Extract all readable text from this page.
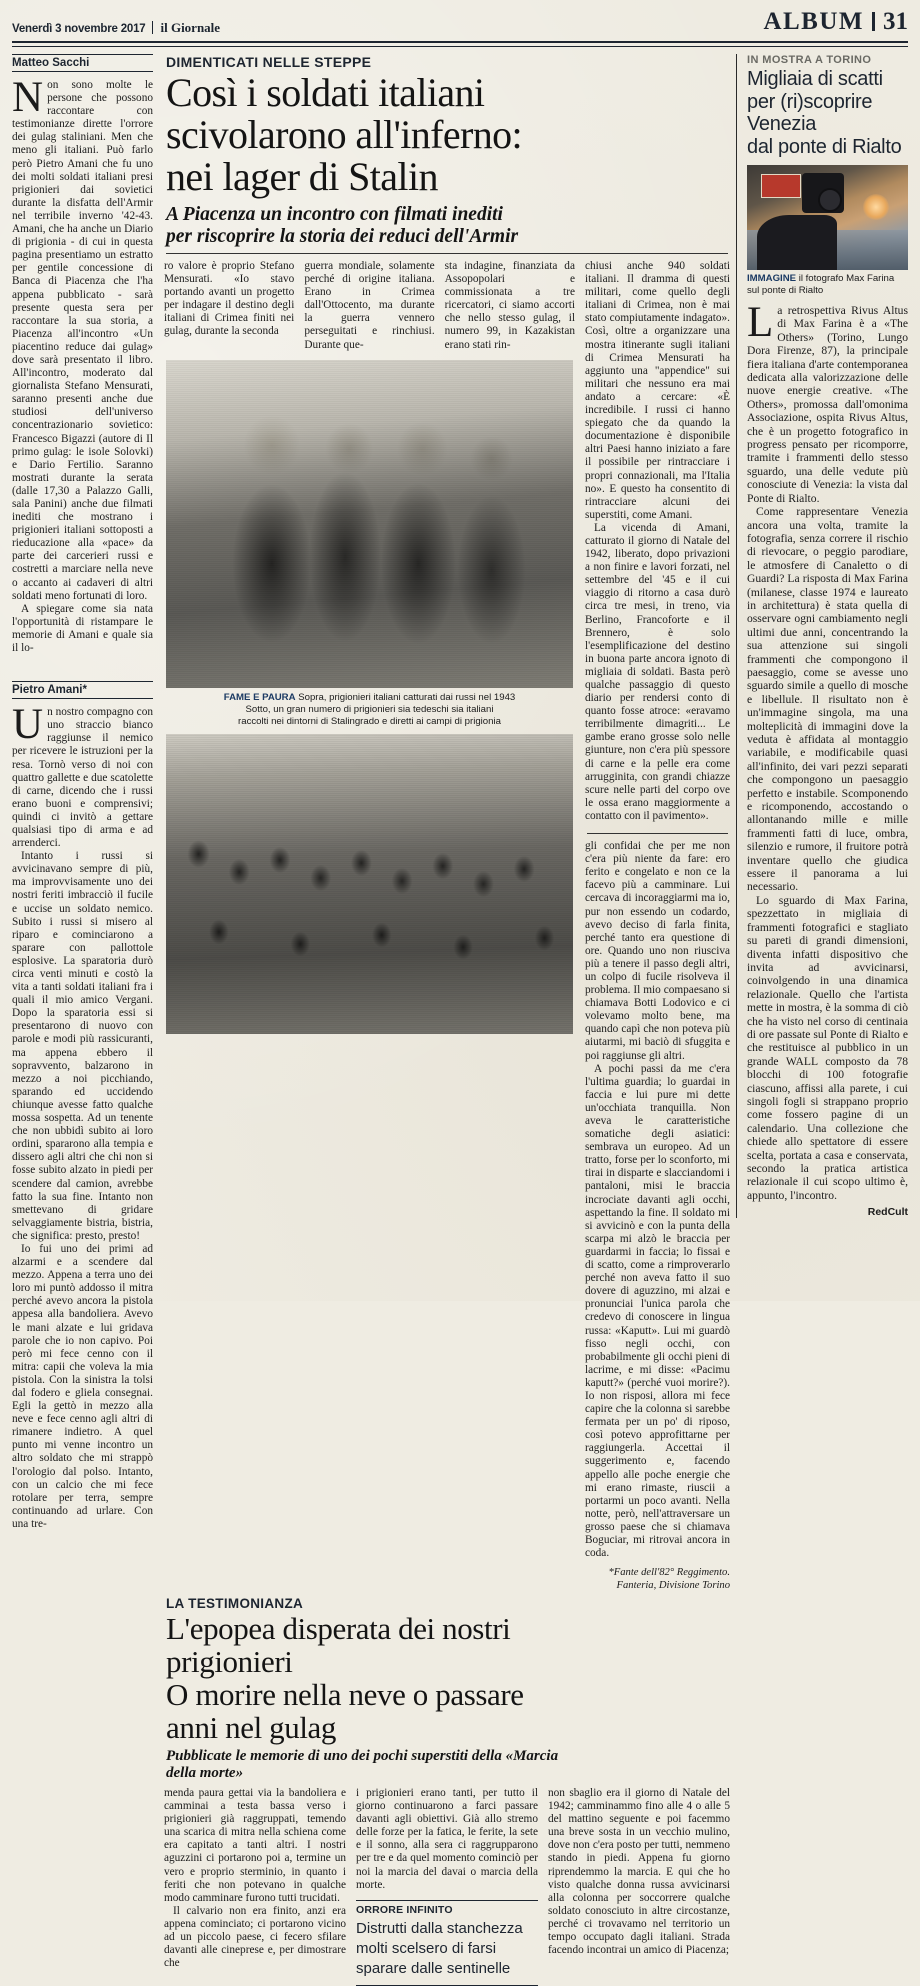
Venerdì 3 novembre 2017 il Giornale	ALBUM 31
Matteo Sacchi

Non sono molte le persone che possono raccontare con testimonianze dirette l'orrore dei gulag staliniani. Men che meno gli italiani. Può farlo però Pietro Amani che fu uno dei molti soldati italiani presi prigionieri dai sovietici durante la disfatta dell'Armir nel terribile inverno '42-43. Amani, che ha anche un Diario di prigionia - di cui in questa pagina presentiamo un estratto per gentile concessione di Banca di Piacenza che l'ha appena pubblicato - sarà presente questa sera per raccontare la sua storia, a Piacenza all'incontro «Un piacentino reduce dai gulag» dove sarà presentato il libro. All'incontro, moderato dal giornalista Stefano Mensurati, saranno presenti anche due studiosi dell'universo concentrazionario sovietico: Francesco Bigazzi (autore di Il primo gulag: le isole Solovki) e Dario Fertilio. Saranno mostrati durante la serata (dalle 17,30 a Palazzo Galli, sala Panini) anche due filmati inediti che mostrano i prigionieri italiani sottoposti a rieducazione alla «pace» da parte dei carcerieri russi e costretti a marciare nella neve o accanto ai cadaveri di altri soldati meno fortunati di loro.

A spiegare come sia nata l'opportunità di ristampare le memorie di Amani e quale sia il lo-

Pietro Amani*

Un nostro compagno con uno straccio bianco raggiunse il nemico per ricevere le istruzioni per la resa. Tornò verso di noi con quattro gallette e due scatolette di carne, dicendo che i russi erano buoni e comprensivi; quindi ci invitò a gettare qualsiasi tipo di arma e ad arrenderci.

Intanto i russi si avvicinavano sempre di più, ma improvvisamente uno dei nostri feriti imbracciò il fucile e uccise un soldato nemico. Subito i russi si misero al riparo e cominciarono a sparare con pallottole esplosive. La sparatoria durò circa venti minuti e costò la vita a tanti soldati italiani fra i quali il mio amico Vergani. Dopo la sparatoria essi si presentarono di nuovo con parole e modi più rassicuranti, ma appena ebbero il sopravvento, balzarono in mezzo a noi picchiando, sparando ed uccidendo chiunque avesse fatto qualche mossa sospetta. Ad un tenente che non ubbidì subito ai loro ordini, spararono alla tempia e dissero agli altri che chi non si fosse subito alzato in piedi per scendere dal camion, avrebbe fatto la sua fine. Intanto non smettevano di gridare selvaggiamente bistria, bistria, che significa: presto, presto!

Io fui uno dei primi ad alzarmi e a scendere dal mezzo. Appena a terra uno dei loro mi puntò addosso il mitra perché avevo ancora la pistola appesa alla bandoliera. Avevo le mani alzate e lui gridava parole che io non capivo. Poi però mi fece cenno con il mitra: capii che voleva la mia pistola. Con la sinistra la tolsi dal fodero e gliela consegnai. Egli la gettò in mezzo alla neve e fece cenno agli altri di rimanere indietro. A quel punto mi venne incontro un altro soldato che mi strappò l'orologio dal polso. Intanto, con un calcio che mi fece rotolare per terra, sempre continuando ad urlare. Con una tre-

DIMENTICATI NELLE STEPPE
Così i soldati italiani
scivolarono all'inferno:
nei lager di Stalin
A Piacenza un incontro con filmati inediti
per riscoprire la storia dei reduci dell'Armir

ro valore è proprio Stefano Mensurati. «Io stavo portando avanti un progetto per indagare il destino degli italiani di Crimea finiti nei gulag, durante la seconda

guerra mondiale, solamente perché di origine italiana. Erano in Crimea dall'Ottocento, ma durante la guerra vennero perseguitati e rinchiusi. Durante que-

sta indagine, finanziata da Assopopolari e commissionata a tre ricercatori, ci siamo accorti che nello stesso gulag, il numero 99, in Kazakistan erano stati rin-

FAME E PAURA Sopra, prigionieri italiani catturati dai russi nel 1943
Sotto, un gran numero di prigionieri sia tedeschi sia italiani
raccolti nei dintorni di Stalingrado e diretti ai campi di prigionia

chiusi anche 940 soldati italiani. Il dramma di questi militari, come quello degli italiani di Crimea, non è mai stato compiutamente indagato». Così, oltre a organizzare una mostra itinerante sugli italiani di Crimea Mensurati ha aggiunto una "appendice" sui militari che nessuno era mai andato a cercare: «È incredibile. I russi ci hanno spiegato che da quando la documentazione è disponibile altri Paesi hanno iniziato a fare il possibile per rintracciare i propri connazionali, ma l'Italia no». E questo ha consentito di rintracciare alcuni dei superstiti, come Amani.

La vicenda di Amani, catturato il giorno di Natale del 1942, liberato, dopo privazioni a non finire e lavori forzati, nel settembre del '45 e il cui viaggio di ritorno a casa durò circa tre mesi, in treno, via Berlino, Francoforte e il Brennero, è solo l'esemplificazione del destino in buona parte ancora ignoto di migliaia di soldati. Basta però qualche passaggio di questo diario per rendersi conto di quanto fosse atroce: «eravamo terribilmente dimagriti... Le gambe erano grosse solo nelle giunture, non c'era più spessore di carne e la pelle era come arrugginita, con grandi chiazze scure nelle parti del corpo ove le ossa erano maggiormente a contatto con il pavimento».

gli confidai che per me non c'era più niente da fare: ero ferito e congelato e non ce la facevo più a camminare. Lui cercava di incoraggiarmi ma io, pur non essendo un codardo, avevo deciso di farla finita, perché tanto era questione di ore. Quando uno non riusciva più a tenere il passo degli altri, un colpo di fucile risolveva il problema. Il mio compaesano si chiamava Botti Lodovico e ci volevamo molto bene, ma quando capì che non poteva più aiutarmi, mi baciò di sfuggita e poi raggiunse gli altri.

A pochi passi da me c'era l'ultima guardia; lo guardai in faccia e lui pure mi dette un'occhiata tranquilla. Non aveva le caratteristiche somatiche degli asiatici: sembrava un europeo. Ad un tratto, forse per lo sconforto, mi tirai in disparte e slacciandomi i pantaloni, misi le braccia incrociate davanti agli occhi, aspettando la fine. Il soldato mi si avvicinò e con la punta della scarpa mi alzò le braccia per guardarmi in faccia; lo fissai e di scatto, come a rimproverarlo perché non aveva fatto il suo dovere di aguzzino, mi alzai e pronunciai l'unica parola che credevo di conoscere in lingua russa: «Kaputt». Lui mi guardò fisso negli occhi, con probabilmente gli occhi pieni di lacrime, e mi disse: «Pacimu kaputt?» (perché vuoi morire?). Io non risposi, allora mi fece capire che la colonna si sarebbe fermata per un po' di riposo, così potevo approfittarne per raggiungerla. Accettai il suggerimento e, facendo appello alle poche energie che mi erano rimaste, riuscii a portarmi un poco avanti. Nella notte, però, nell'attraversare un grosso paese che si chiamava Boguciar, mi ritrovai ancora in coda.

*Fante dell'82° Reggimento.
Fanteria, Divisione Torino
LA TESTIMONIANZA
L'epopea disperata dei nostri prigionieri
O morire nella neve o passare anni nel gulag
Pubblicate le memorie di uno dei pochi superstiti della «Marcia della morte»

menda paura gettai via la bandoliera e camminai a testa bassa verso i prigionieri già raggruppati, temendo una scarica di mitra nella schiena come era capitato a tanti altri. I nostri aguzzini ci portarono poi a, termine un vero e proprio sterminio, in quanto i feriti che non potevano in qualche modo camminare furono tutti trucidati.

Il calvario non era finito, anzi era appena cominciato; ci portarono vicino ad un piccolo paese, ci fecero sfilare davanti alle cineprese e, per dimostrare che

i prigionieri erano tanti, per tutto il giorno continuarono a farci passare davanti agli obiettivi. Già allo stremo delle forze per la fatica, le ferite, la sete e il sonno, alla sera ci raggrupparono per tre e da quel momento cominciò per noi la marcia del davai o marcia della morte.

ORRORE INFINITO
Distrutti dalla stanchezza
molti scelsero di farsi
sparare dalle sentinelle

non sbaglio era il giorno di Natale del 1942; camminammo fino alle 4 o alle 5 del mattino seguente e poi facemmo una breve sosta in un vecchio mulino, dove non c'era posto per tutti, nemmeno stando in piedi. Appena fu giorno riprendemmo la marcia. E qui che ho visto qualche donna russa avvicinarsi alla colonna per soccorrere qualche soldato conosciuto in altre circostanze, perché ci trovavamo nel territorio un tempo occupato dagli italiani. Strada facendo incontrai un amico di Piacenza;

IN MOSTRA A TORINO
Migliaia di scatti
per (ri)scoprire
Venezia
dal ponte di Rialto
IMMAGINE il fotografo Max Farina sul ponte di Rialto

La retrospettiva Rivus Altus di Max Farina è a «The Others» (Torino, Lungo Dora Firenze, 87), la principale fiera italiana d'arte contemporanea dedicata alla valorizzazione delle nuove energie creative. «The Others», promossa dall'omonima Associazione, ospita Rivus Altus, che è un progetto fotografico in progress pensato per ricomporre, tramite i frammenti dello stesso sguardo, una delle vedute più conosciute di Venezia: la vista dal Ponte di Rialto.

Come rappresentare Venezia ancora una volta, tramite la fotografia, senza correre il rischio di rievocare, o peggio parodiare, le atmosfere di Canaletto o di Guardi? La risposta di Max Farina (milanese, classe 1974 e laureato in architettura) è stata quella di osservare ogni cambiamento negli ultimi due anni, concentrando la sua attenzione sui singoli frammenti che compongono il paesaggio, come se avesse uno sguardo simile a quello di mosche e libellule. Il risultato non è un'immagine singola, ma una molteplicità di immagini dove la veduta è affidata al montaggio variabile, e modificabile quasi all'infinito, dei vari pezzi separati che compongono un paesaggio perfetto e instabile. Scomponendo e ricomponendo, accostando o allontanando mille e mille frammenti fatti di luce, ombra, silenzio e rumore, il fruitore potrà inventare quello che giudica essere il panorama a lui necessario.

Lo sguardo di Max Farina, spezzettato in migliaia di frammenti fotografici e stagliato su pareti di grandi dimensioni, diventa infatti dispositivo che invita ad avvicinarsi, coinvolgendo in una dinamica relazionale. Quello che l'artista mette in mostra, è la somma di ciò che ha visto nel corso di centinaia di ore passate sul Ponte di Rialto e che restituisce al pubblico in un grande WALL composto da 78 blocchi di 100 fotografie ciascuno, affissi alla parete, i cui singoli fogli si strappano proprio come fossero pagine di un calendario. Una collezione che chiede allo spettatore di essere scelta, portata a casa e conservata, secondo la pratica artistica relazionale il cui scopo ultimo è, appunto, l'incontro.

RedCult
